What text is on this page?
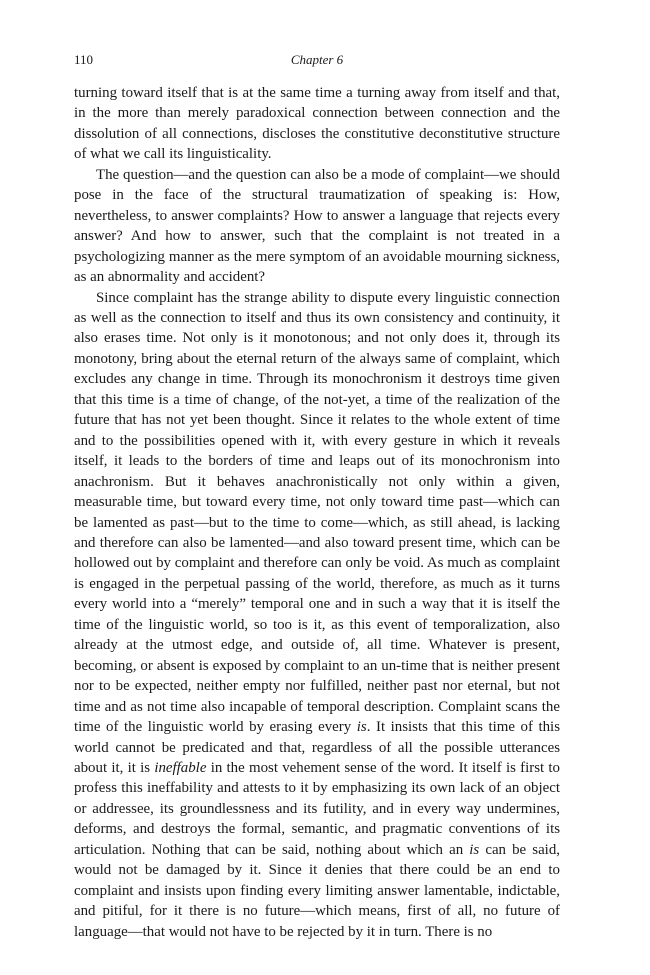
110	Chapter 6

turning toward itself that is at the same time a turning away from itself and that, in the more than merely paradoxical connection between connection and the dissolution of all connections, discloses the constitutive deconstitutive structure of what we call its linguisticality.

The question—and the question can also be a mode of complaint—we should pose in the face of the structural traumatization of speaking is: How, nevertheless, to answer complaints? How to answer a language that rejects every answer? And how to answer, such that the complaint is not treated in a psychologizing manner as the mere symptom of an avoidable mourning sickness, as an abnormality and accident?

Since complaint has the strange ability to dispute every linguistic connection as well as the connection to itself and thus its own consistency and continuity, it also erases time. Not only is it monotonous; and not only does it, through its monotony, bring about the eternal return of the always same of complaint, which excludes any change in time. Through its monochronism it destroys time given that this time is a time of change, of the not-yet, a time of the realization of the future that has not yet been thought. Since it relates to the whole extent of time and to the possibilities opened with it, with every gesture in which it reveals itself, it leads to the borders of time and leaps out of its monochronism into anachronism. But it behaves anachronistically not only within a given, measurable time, but toward every time, not only toward time past—which can be lamented as past—but to the time to come—which, as still ahead, is lacking and therefore can also be lamented—and also toward present time, which can be hollowed out by complaint and therefore can only be void. As much as complaint is engaged in the perpetual passing of the world, therefore, as much as it turns every world into a “merely” temporal one and in such a way that it is itself the time of the linguistic world, so too is it, as this event of temporalization, also already at the utmost edge, and outside of, all time. Whatever is present, becoming, or absent is exposed by complaint to an un-time that is neither present nor to be expected, neither empty nor fulfilled, neither past nor eternal, but not time and as not time also incapable of temporal description. Complaint scans the time of the linguistic world by erasing every is. It insists that this time of this world cannot be predicated and that, regardless of all the possible utterances about it, it is ineffable in the most vehement sense of the word. It itself is first to profess this ineffability and attests to it by emphasizing its own lack of an object or addressee, its groundlessness and its futility, and in every way undermines, deforms, and destroys the formal, semantic, and pragmatic conventions of its articulation. Nothing that can be said, nothing about which an is can be said, would not be damaged by it. Since it denies that there could be an end to complaint and insists upon finding every limiting answer lamentable, indictable, and pitiful, for it there is no future—which means, first of all, no future of language—that would not have to be rejected by it in turn. There is no
